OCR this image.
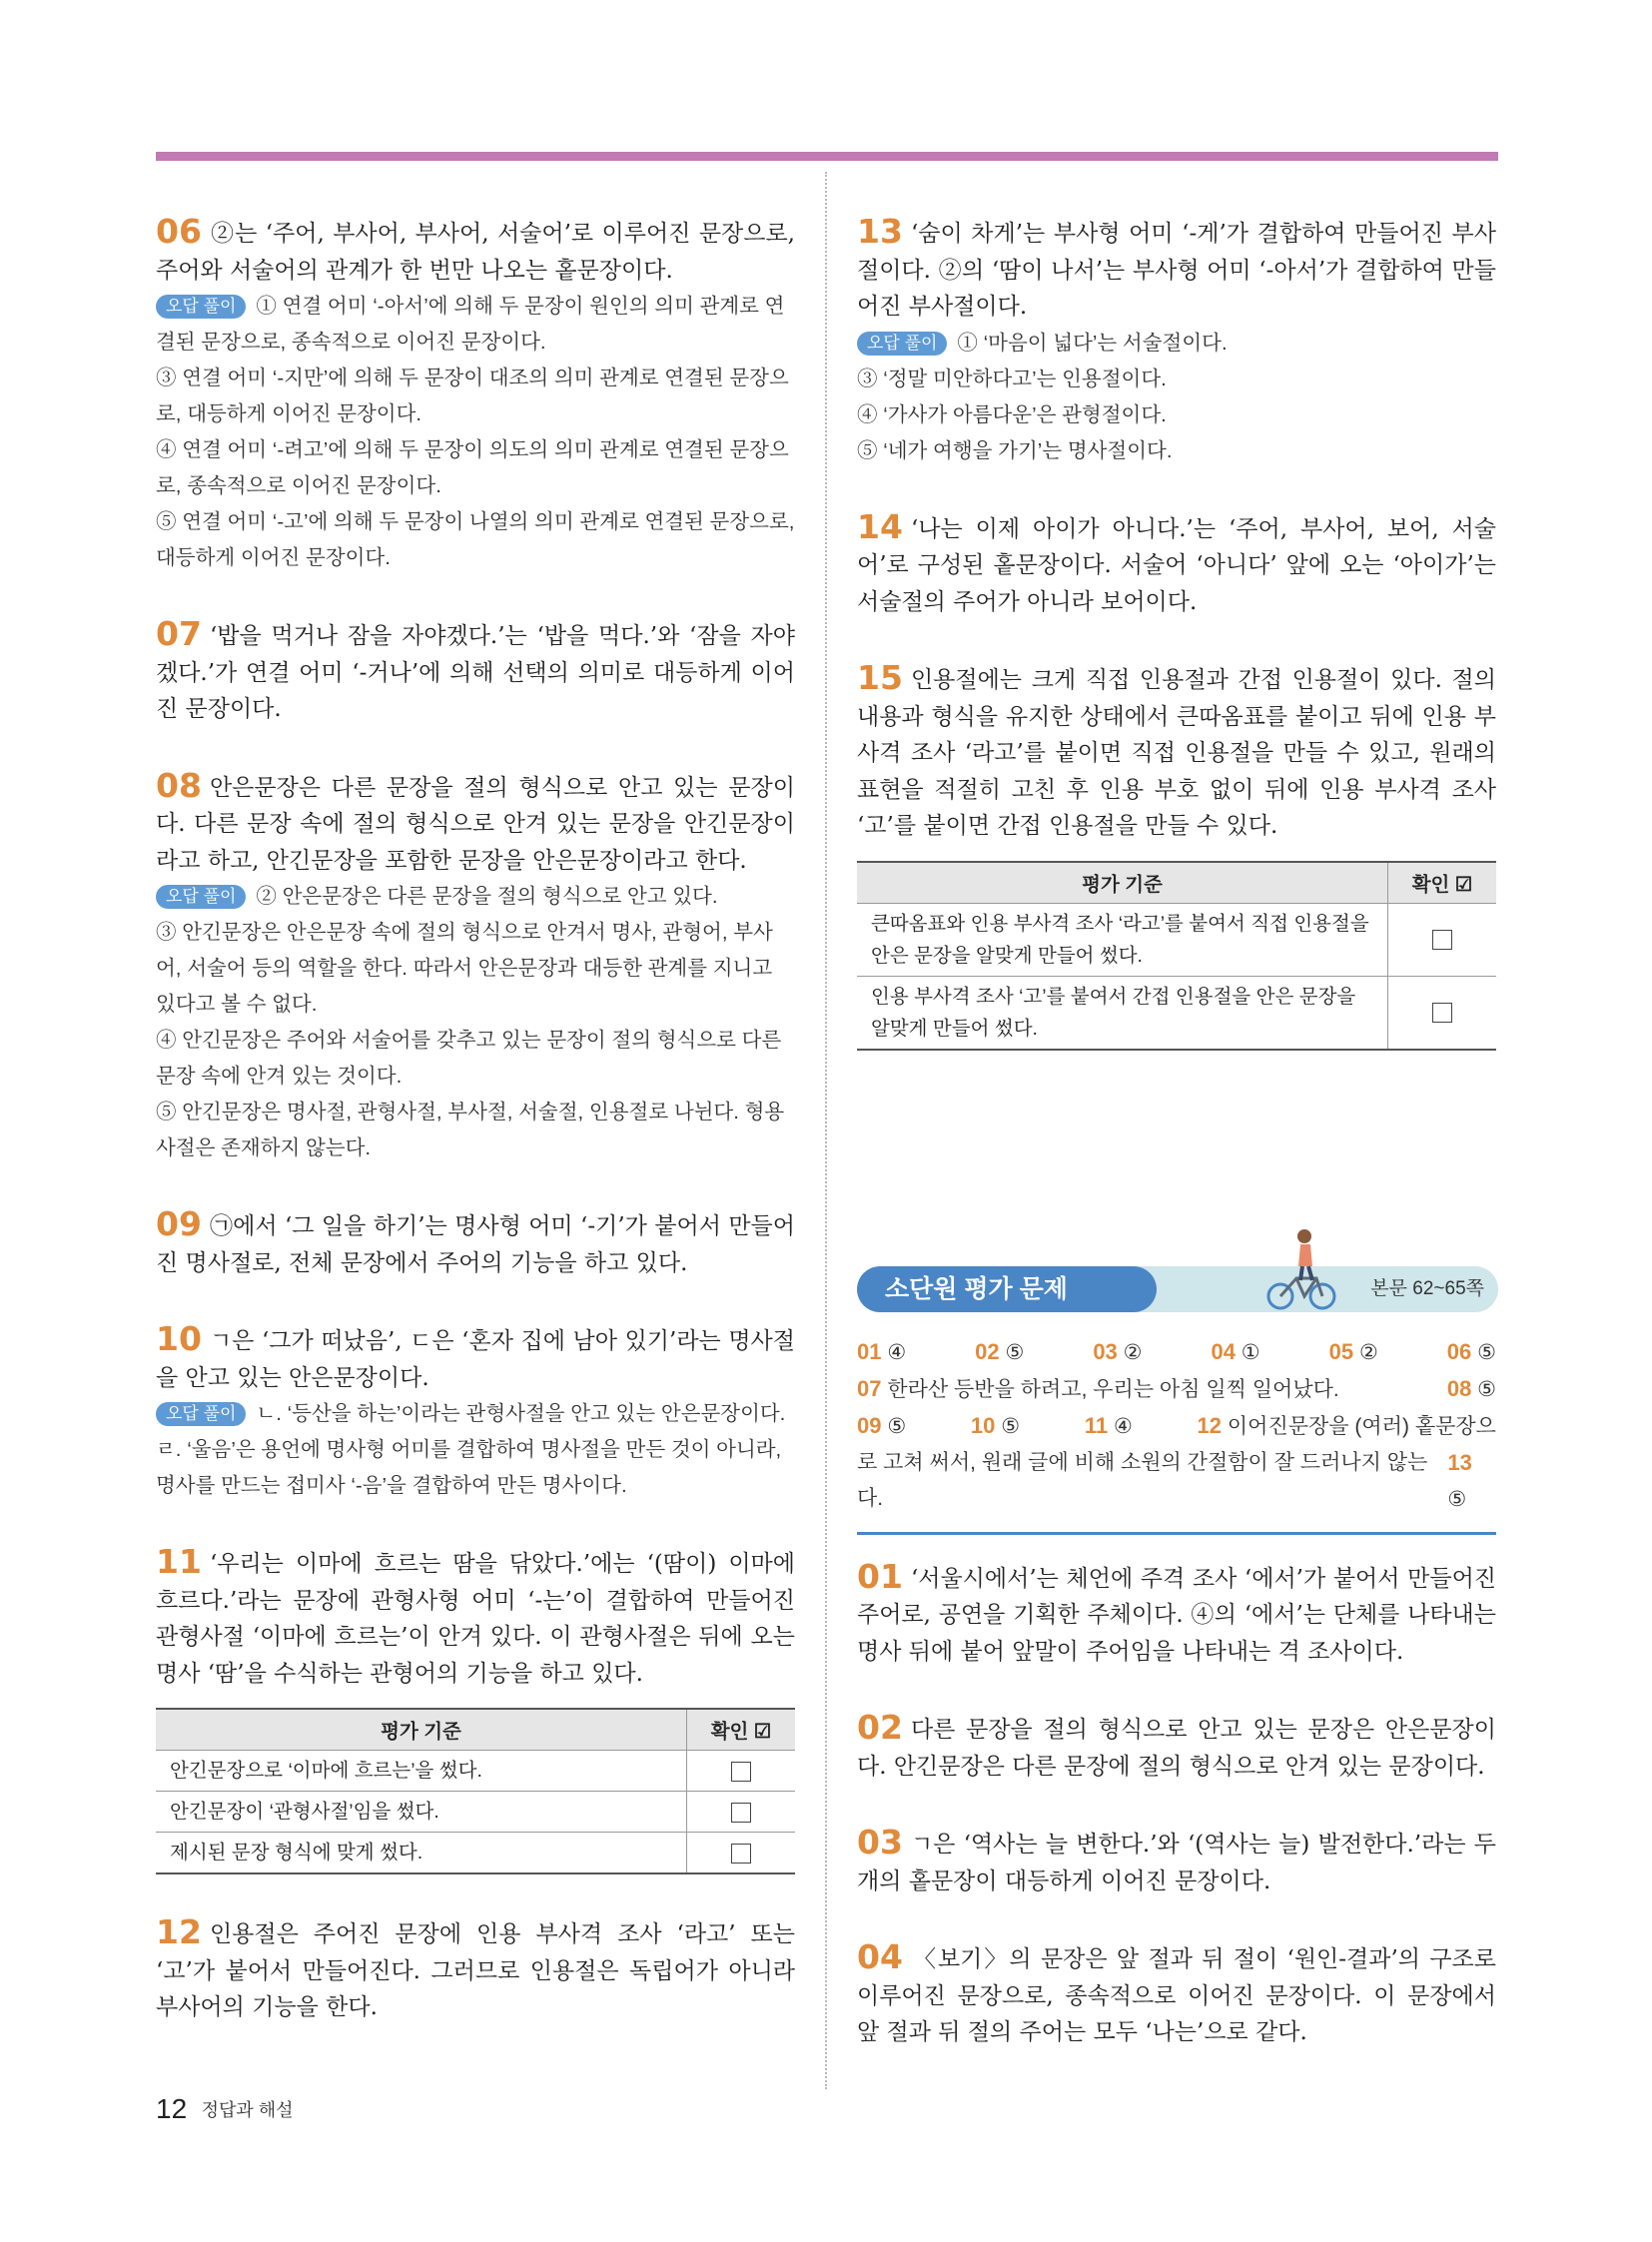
06 ②는 ‘주어, 부사어, 부사어, 서술어’로 이루어진 문장으로, 주어와 서술어의 관계가 한 번만 나오는 홑문장이다.

오답 풀이 ① 연결 어미 ‘-아서’에 의해 두 문장이 원인의 의미 관계로 연결된 문장으로, 종속적으로 이어진 문장이다.

③ 연결 어미 ‘-지만’에 의해 두 문장이 대조의 의미 관계로 연결된 문장으로, 대등하게 이어진 문장이다.

④ 연결 어미 ‘-려고’에 의해 두 문장이 의도의 의미 관계로 연결된 문장으로, 종속적으로 이어진 문장이다.

⑤ 연결 어미 ‘-고’에 의해 두 문장이 나열의 의미 관계로 연결된 문장으로, 대등하게 이어진 문장이다.

07 ‘밥을 먹거나 잠을 자야겠다.’는 ‘밥을 먹다.’와 ‘잠을 자야겠다.’가 연결 어미 ‘-거나’에 의해 선택의 의미로 대등하게 이어진 문장이다.

08 안은문장은 다른 문장을 절의 형식으로 안고 있는 문장이다. 다른 문장 속에 절의 형식으로 안겨 있는 문장을 안긴문장이라고 하고, 안긴문장을 포함한 문장을 안은문장이라고 한다.

오답 풀이 ② 안은문장은 다른 문장을 절의 형식으로 안고 있다.

③ 안긴문장은 안은문장 속에 절의 형식으로 안겨서 명사, 관형어, 부사어, 서술어 등의 역할을 한다. 따라서 안은문장과 대등한 관계를 지니고 있다고 볼 수 없다.

④ 안긴문장은 주어와 서술어를 갖추고 있는 문장이 절의 형식으로 다른 문장 속에 안겨 있는 것이다.

⑤ 안긴문장은 명사절, 관형사절, 부사절, 서술절, 인용절로 나뉜다. 형용사절은 존재하지 않는다.

09 ㉠에서 ‘그 일을 하기’는 명사형 어미 ‘-기’가 붙어서 만들어진 명사절로, 전체 문장에서 주어의 기능을 하고 있다.

10 ㄱ은 ‘그가 떠났음’, ㄷ은 ‘혼자 집에 남아 있기’라는 명사절을 안고 있는 안은문장이다.

오답 풀이 ㄴ. ‘등산을 하는’이라는 관형사절을 안고 있는 안은문장이다. ㄹ. ‘울음’은 용언에 명사형 어미를 결합하여 명사절을 만든 것이 아니라, 명사를 만드는 접미사 ‘-음’을 결합하여 만든 명사이다.

11 ‘우리는 이마에 흐르는 땀을 닦았다.’에는 ‘(땀이) 이마에 흐르다.’라는 문장에 관형사형 어미 ‘-는’이 결합하여 만들어진 관형사절 ‘이마에 흐르는’이 안겨 있다. 이 관형사절은 뒤에 오는 명사 ‘땀’을 수식하는 관형어의 기능을 하고 있다.

평가 기준	확인 ☑
안긴문장으로 ‘이마에 흐르는’을 썼다.	
안긴문장이 ‘관형사절’임을 썼다.	
제시된 문장 형식에 맞게 썼다.	

12 인용절은 주어진 문장에 인용 부사격 조사 ‘라고’ 또는 ‘고’가 붙어서 만들어진다. 그러므로 인용절은 독립어가 아니라 부사어의 기능을 한다.

13 ‘숨이 차게’는 부사형 어미 ‘-게’가 결합하여 만들어진 부사절이다. ②의 ‘땀이 나서’는 부사형 어미 ‘-아서’가 결합하여 만들어진 부사절이다.

오답 풀이 ① ‘마음이 넓다’는 서술절이다.

③ ‘정말 미안하다고’는 인용절이다.

④ ‘가사가 아름다운’은 관형절이다.

⑤ ‘네가 여행을 가기’는 명사절이다.

14 ‘나는 이제 아이가 아니다.’는 ‘주어, 부사어, 보어, 서술어’로 구성된 홑문장이다. 서술어 ‘아니다’ 앞에 오는 ‘아이가’는 서술절의 주어가 아니라 보어이다.

15 인용절에는 크게 직접 인용절과 간접 인용절이 있다. 절의 내용과 형식을 유지한 상태에서 큰따옴표를 붙이고 뒤에 인용 부사격 조사 ‘라고’를 붙이면 직접 인용절을 만들 수 있고, 원래의 표현을 적절히 고친 후 인용 부호 없이 뒤에 인용 부사격 조사 ‘고’를 붙이면 간접 인용절을 만들 수 있다.

평가 기준	확인 ☑
큰따옴표와 인용 부사격 조사 ‘라고’를 붙여서 직접 인용절을 안은 문장을 알맞게 만들어 썼다.	
인용 부사격 조사 ‘고’를 붙여서 간접 인용절을 안은 문장을 알맞게 만들어 썼다.	
소단원 평가 문제	본문 62~65쪽
01 ④	02 ⑤	03 ②	04 ①	05 ②	06 ⑤
07 한라산 등반을 하려고, 우리는 아침 일찍 일어났다.	08 ⑤
09 ⑤	10 ⑤	11 ④	12 이어진문장을 (여러) 홑문장으
로 고쳐 써서, 원래 글에 비해 소원의 간절함이 잘 드러나지 않는다.
13 ⑤

01 ‘서울시에서’는 체언에 주격 조사 ‘에서’가 붙어서 만들어진 주어로, 공연을 기획한 주체이다. ④의 ‘에서’는 단체를 나타내는 명사 뒤에 붙어 앞말이 주어임을 나타내는 격 조사이다.

02 다른 문장을 절의 형식으로 안고 있는 문장은 안은문장이다. 안긴문장은 다른 문장에 절의 형식으로 안겨 있는 문장이다.

03 ㄱ은 ‘역사는 늘 변한다.’와 ‘(역사는 늘) 발전한다.’라는 두 개의 홑문장이 대등하게 이어진 문장이다.

04 〈보기〉의 문장은 앞 절과 뒤 절이 ‘원인-결과’의 구조로 이루어진 문장으로, 종속적으로 이어진 문장이다. 이 문장에서 앞 절과 뒤 절의 주어는 모두 ‘나는’으로 같다.

12 정답과 해설
